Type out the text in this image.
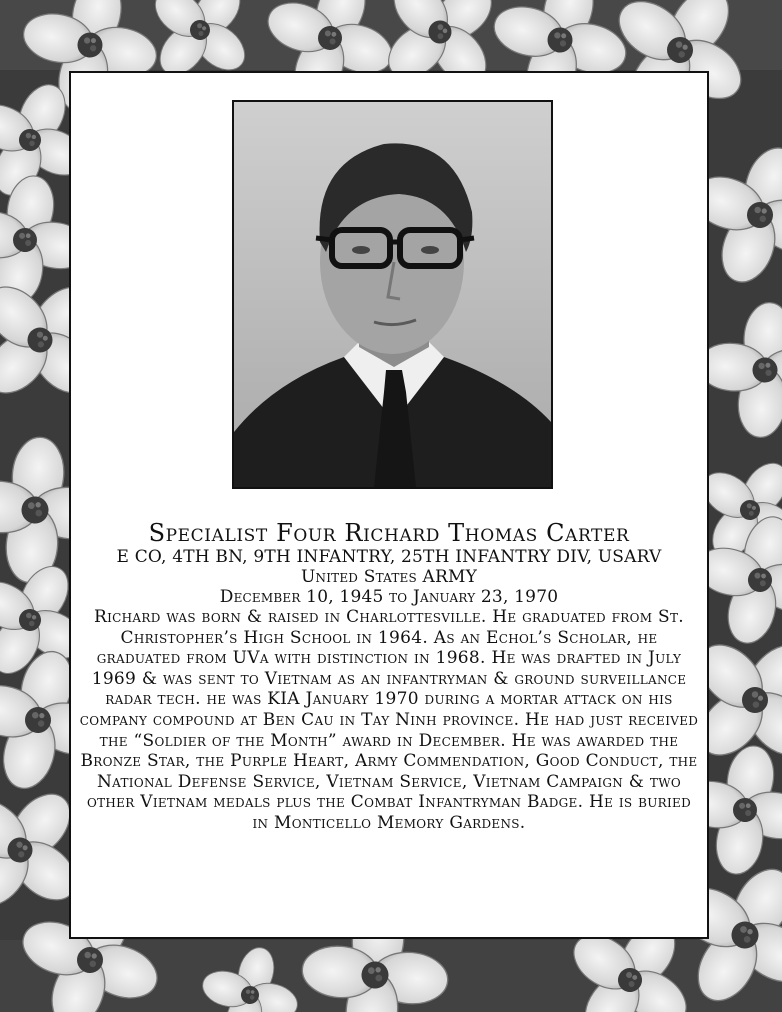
Specialist Four Richard Thomas Carter
E CO, 4TH BN, 9TH INFANTRY, 25TH INFANTRY DIV, USARV
United States ARMY
December 10, 1945 to January 23, 1970
Richard was born & raised in Charlottesville. He graduated from St. Christopher’s High School in 1964. As an Echol’s Scholar, he graduated from UVa with distinction in 1968. He was drafted in July 1969 & was sent to Vietnam as an infantryman & ground surveillance radar tech. he was KIA January 1970 during a mortar attack on his company compound at Ben Cau in Tay Ninh province. He had just received the “Soldier of the Month” award in December. He was awarded the Bronze Star, the Purple Heart, Army Commendation, Good Conduct, the National Defense Service, Vietnam Service, Vietnam Campaign & two other Vietnam medals plus the Combat Infantryman Badge. He is buried in Monticello Memory Gardens.
